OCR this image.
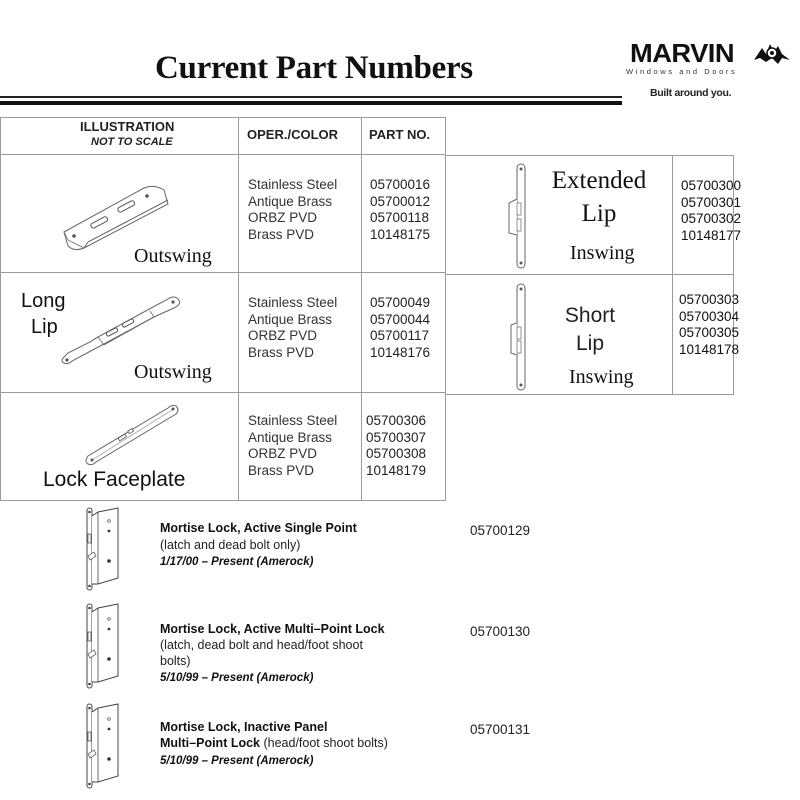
Current Part Numbers	MARVIN
Windows and Doors
Built around you.
ILLUSTRATION
NOT TO SCALE	OPER./COLOR PART NO.
Outswing
Stainless Steel
Antique Brass
ORBZ PVD
Brass PVD
05700016
05700012
05700118
10148175
Long
Lip
Outswing
Stainless Steel
Antique Brass
ORBZ PVD
Brass PVD
05700049
05700044
05700117
10148176
Lock Faceplate
Stainless Steel
Antique Brass
ORBZ PVD
Brass PVD
05700306
05700307
05700308
10148179
Extended
Lip
Inswing
05700300
05700301
05700302
10148177
Short
Lip
Inswing
05700303
05700304
05700305
10148178
Mortise Lock, Active Single Point
(latch and dead bolt only)
1/17/00 – Present (Amerock)
05700129
Mortise Lock, Active Multi–Point Lock
(latch, dead bolt and head/foot shoot
bolts)
5/10/99 – Present (Amerock)
05700130
Mortise Lock, Inactive Panel
Multi–Point Lock (head/foot shoot bolts)
5/10/99 – Present (Amerock)
05700131
